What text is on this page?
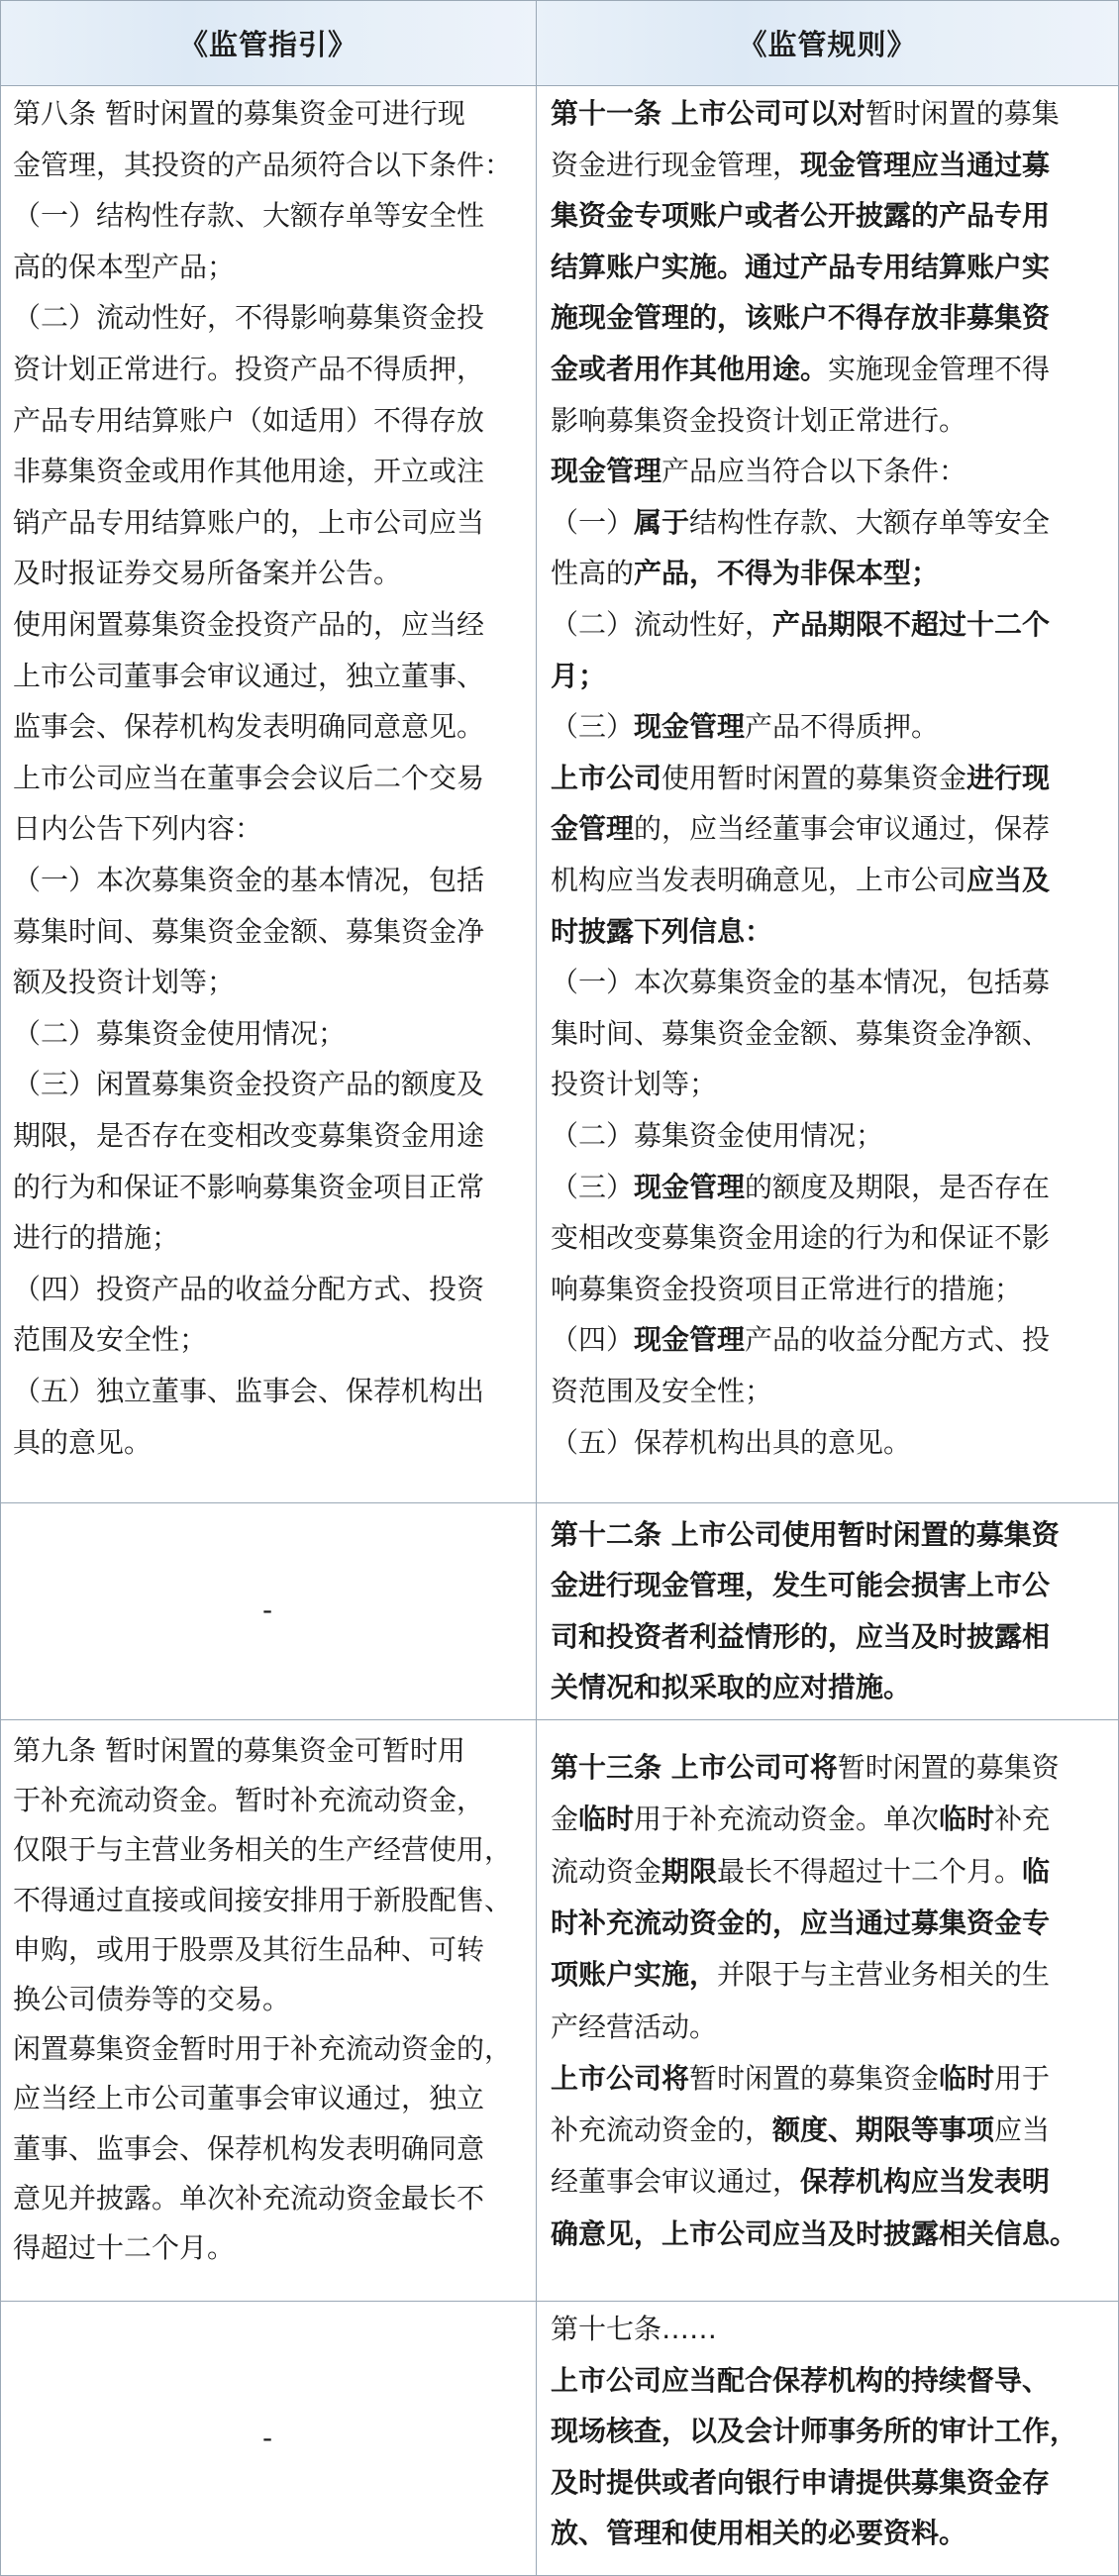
《监管指引》	《监管规则》
第八条 暂时闲置的募集资金可进行现
金管理，其投资的产品须符合以下条件：
（一）结构性存款、大额存单等安全性
高的保本型产品；
（二）流动性好，不得影响募集资金投
资计划正常进行。投资产品不得质押，
产品专用结算账户（如适用）不得存放
非募集资金或用作其他用途，开立或注
销产品专用结算账户的，上市公司应当
及时报证券交易所备案并公告。
使用闲置募集资金投资产品的，应当经
上市公司董事会审议通过，独立董事、
监事会、保荐机构发表明确同意意见。
上市公司应当在董事会会议后二个交易
日内公告下列内容：
（一）本次募集资金的基本情况，包括
募集时间、募集资金金额、募集资金净
额及投资计划等；
（二）募集资金使用情况；
（三）闲置募集资金投资产品的额度及
期限，是否存在变相改变募集资金用途
的行为和保证不影响募集资金项目正常
进行的措施；
（四）投资产品的收益分配方式、投资
范围及安全性；
（五）独立董事、监事会、保荐机构出
具的意见。
第十一条 上市公司可以对暂时闲置的募集
资金进行现金管理，现金管理应当通过募
集资金专项账户或者公开披露的产品专用
结算账户实施。通过产品专用结算账户实
施现金管理的，该账户不得存放非募集资
金或者用作其他用途。实施现金管理不得
影响募集资金投资计划正常进行。
现金管理产品应当符合以下条件：
（一）属于结构性存款、大额存单等安全
性高的产品，不得为非保本型；
（二）流动性好，产品期限不超过十二个
月；
（三）现金管理产品不得质押。
上市公司使用暂时闲置的募集资金进行现
金管理的，应当经董事会审议通过，保荐
机构应当发表明确意见，上市公司应当及
时披露下列信息：
（一）本次募集资金的基本情况，包括募
集时间、募集资金金额、募集资金净额、
投资计划等；
（二）募集资金使用情况；
（三）现金管理的额度及期限，是否存在
变相改变募集资金用途的行为和保证不影
响募集资金投资项目正常进行的措施；
（四）现金管理产品的收益分配方式、投
资范围及安全性；
（五）保荐机构出具的意见。
-
第十二条 上市公司使用暂时闲置的募集资
金进行现金管理，发生可能会损害上市公
司和投资者利益情形的，应当及时披露相
关情况和拟采取的应对措施。
第九条 暂时闲置的募集资金可暂时用
于补充流动资金。暂时补充流动资金，
仅限于与主营业务相关的生产经营使用，
不得通过直接或间接安排用于新股配售、
申购，或用于股票及其衍生品种、可转
换公司债券等的交易。
闲置募集资金暂时用于补充流动资金的，
应当经上市公司董事会审议通过，独立
董事、监事会、保荐机构发表明确同意
意见并披露。单次补充流动资金最长不
得超过十二个月。
第十三条 上市公司可将暂时闲置的募集资
金临时用于补充流动资金。单次临时补充
流动资金期限最长不得超过十二个月。临
时补充流动资金的，应当通过募集资金专
项账户实施，并限于与主营业务相关的生
产经营活动。
上市公司将暂时闲置的募集资金临时用于
补充流动资金的，额度、期限等事项应当
经董事会审议通过，保荐机构应当发表明
确意见，上市公司应当及时披露相关信息。
-
第十七条……
上市公司应当配合保荐机构的持续督导、
现场核查，以及会计师事务所的审计工作，
及时提供或者向银行申请提供募集资金存
放、管理和使用相关的必要资料。
